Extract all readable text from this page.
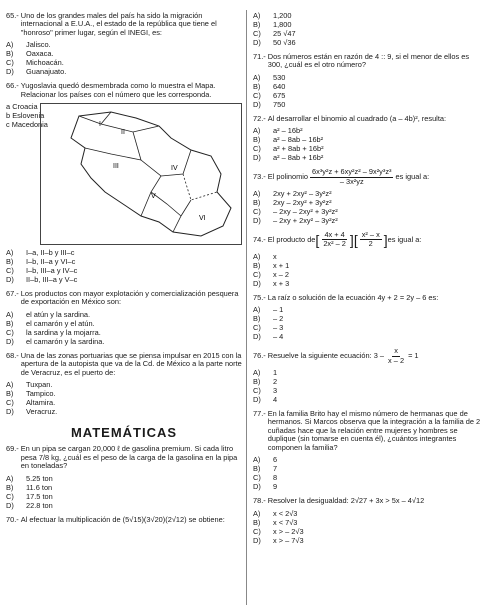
65.- Uno de los grandes males del país ha sido la migración internacional a E.U.A., el estado de la república que tiene el "honroso" primer lugar, según el INEGI, es:
A)	Jalisco.
B)	Oaxaca.
C)	Michoacán.
D)	Guanajuato.
66.- Yugoslavia quedó desmembrada como lo muestra el Mapa. Relacionar los países con el número que les corresponda.
a Croacia
b Eslovenia
c Macedonia	I
II
III	IV
V
VI
A)	I–a, II–b y III–c
B)	I–b, II–a y VI–c
C)	I–b, III–a y IV–c
D)	II–b, III–a y V–c
67.- Los productos con mayor explotación y comercialización pesquera de exportación en México son:
A)	el atún y la sardina.
B)	el camarón y el atún.
C)	la sardina y la mojarra.
D)	el camarón y la sardina.
68.- Una de las zonas portuarias que se piensa impulsar en 2015 con la apertura de la autopista que va de la Cd. de México a la parte norte de Veracruz, es el puerto de:
A)	Tuxpan.
B)	Tampico.
C)	Altamira.
D)	Veracruz.
MATEMÁTICAS
69.- En un pipa se cargan 20,000 ℓ de gasolina premium. Si cada litro pesa 7/8 kg, ¿cuál es el peso de la carga de la gasolina en la pipa en toneladas?
A)	5.25 ton
B)	11.6 ton
C)	17.5 ton
D)	22.8 ton
70.- Al efectuar la multiplicación de (5√15)(3√20)(2√12) se obtiene:
A)	1,200
B)	1,800
C)	25 √47
D)	50 √36
71.- Dos números están en razón de 4 :: 9, si el menor de ellos es 300, ¿cuál es el otro número?
A)	530
B)	640
C)	675
D)	750
72.- Al desarrollar el binomio al cuadrado (a – 4b)², resulta:
A)	a² – 16b²
B)	a² – 8ab – 16b²
C)	a² + 8ab + 16b²
D)	a² – 8ab + 16b²
73.- El polinomio $\frac{\text{6x³y²z + 6xy²z² – 9x²y³z³}}{\text{– 3x²yz}}$ es igual a:
A)	2xy + 2xy² – 3y²z²
B)	2xy – 2xy² + 3y²z²
C)	– 2xy – 2xy² + 3y²z²
D)	– 2xy + 2xy² – 3y²z²
74.- El producto de [ $\frac{4x + 4}{\text{2x² – 2}}$ ] [ $\frac{\text{x² – x}}{2}$ ] es igual a:
A)	x
B)	x + 1
C)	x – 2
D)	x + 3
75.- La raíz o solución de la ecuación 4y + 2 = 2y – 6 es:
A)	– 1
B)	– 2
C)	– 3
D)	– 4
76.- Resuelve la siguiente ecuación: $3 - \frac{x}{x - 2} = 1$
A)	1
B)	2
C)	3
D)	4
77.- En la familia Brito hay el mismo número de hermanas que de hermanos. Si Marcos observa que la integración a la familia de 2 cuñadas hace que la relación entre mujeres y hombres se duplique (sin tomarse en cuenta él), ¿cuántos integrantes componen la familia?
A)	6
B)	7
C)	8
D)	9
78.- Resolver la desigualdad: 2√27 + 3x > 5x – 4√12
A)	x < 2√3
B)	x < 7√3
C)	x > – 2√3
D)	x > – 7√3
